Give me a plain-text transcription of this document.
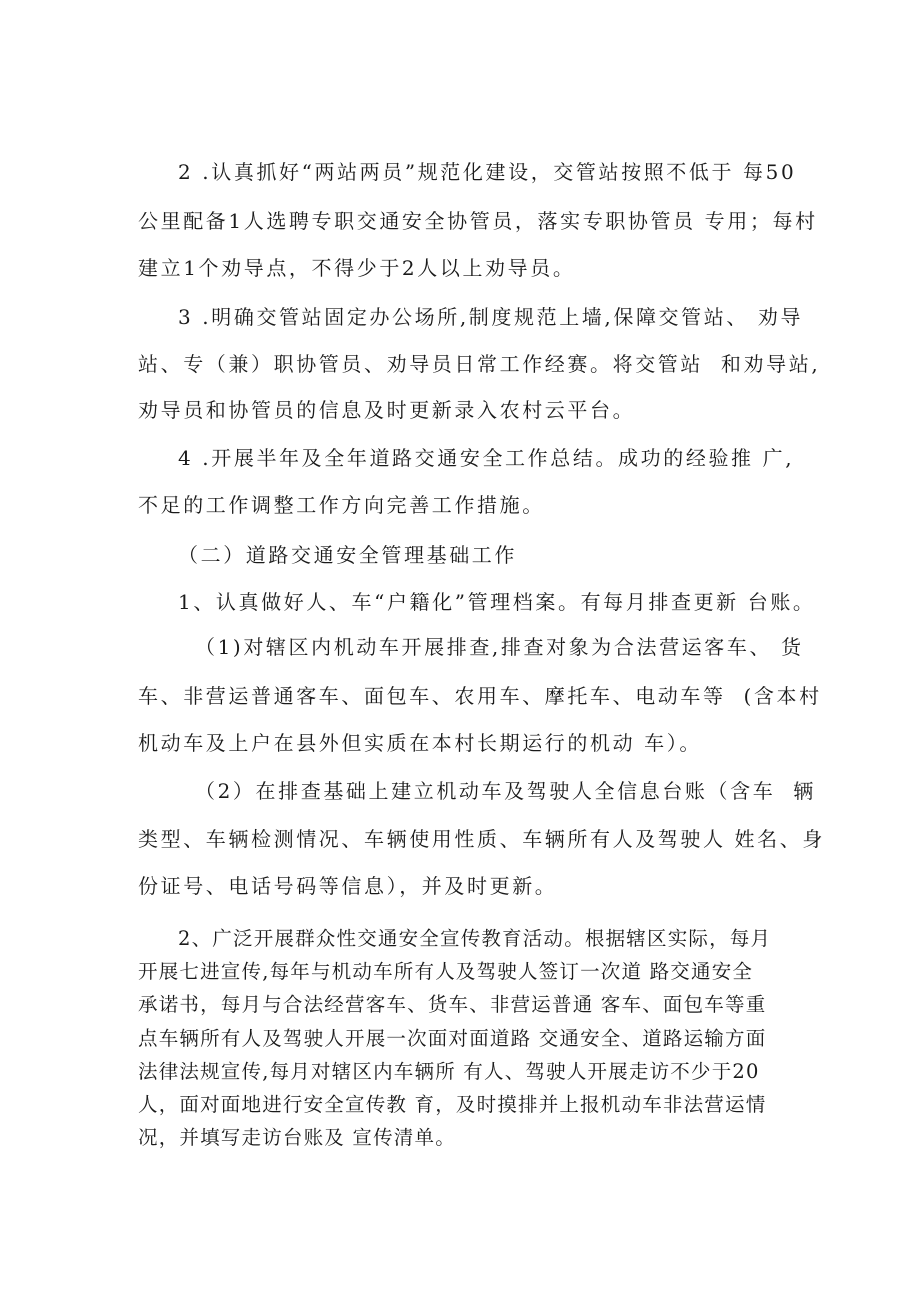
2 .认真抓好“两站两员”规范化建设，交管站按照不低于 每50
公里配备1人选聘专职交通安全协管员，落实专职协管员 专用；每村
建立1个劝导点，不得少于2人以上劝导员。
3 .明确交管站固定办公场所,制度规范上墙,保障交管站、 劝导
站、专（兼）职协管员、劝导员日常工作经赛。将交管站  和劝导站,
劝导员和协管员的信息及时更新录入农村云平台。
4 .开展半年及全年道路交通安全工作总结。成功的经验推 广,
不足的工作调整工作方向完善工作措施。
（二）道路交通安全管理基础工作
1、认真做好人、车“户籍化”管理档案。有每月排查更新 台账。
（1)对辖区内机动车开展排查,排查对象为合法营运客车、 货
车、非营运普通客车、面包车、农用车、摩托车、电动车等  (含本村
机动车及上户在县外但实质在本村长期运行的机动 车）。
（2）在排查基础上建立机动车及驾驶人全信息台账（含车  辆
类型、车辆检测情况、车辆使用性质、车辆所有人及驾驶人 姓名、身
份证号、电话号码等信息），并及时更新。
2、广泛开展群众性交通安全宣传教育活动。根据辖区实际，每月
开展七进宣传,每年与机动车所有人及驾驶人签订一次道 路交通安全
承诺书，每月与合法经营客车、货车、非营运普通 客车、面包车等重
点车辆所有人及驾驶人开展一次面对面道路 交通安全、道路运输方面
法律法规宣传,每月对辖区内车辆所 有人、驾驶人开展走访不少于20
人，面对面地进行安全宣传教 育，及时摸排并上报机动车非法营运情
况，并填写走访台账及 宣传清单。
